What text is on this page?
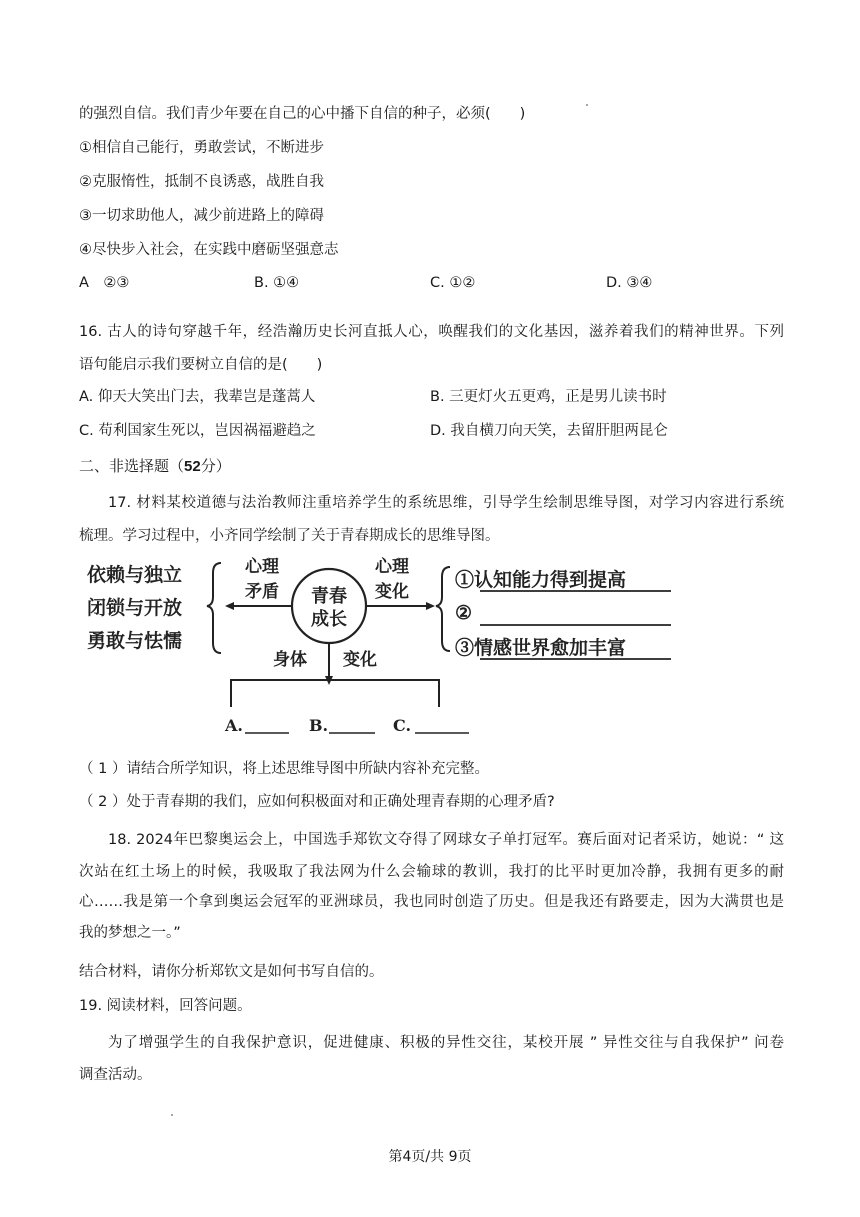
的强烈自信。我们青少年要在自己的心中播下自信的种子，必须(　　)
①相信自己能行，勇敢尝试，不断进步
②克服惰性，抵制不良诱惑，战胜自我
③一切求助他人，减少前进路上的障碍
④尽快步入社会，在实践中磨砺坚强意志
A　②③	B. ①④	C. ①②	D. ③④
16. 古人的诗句穿越千年，经浩瀚历史长河直抵人心，唤醒我们的文化基因，滋养着我们的精神世界。下列
语句能启示我们要树立自信的是(　　)
A. 仰天大笑出门去，我辈岂是蓬蒿人	B. 三更灯火五更鸡，正是男儿读书时
C. 苟利国家生死以，岂因祸福避趋之	D. 我自横刀向天笑，去留肝胆两昆仑
二、非选择题（52分）
17. 材料某校道德与法治教师注重培养学生的系统思维，引导学生绘制思维导图，对学习内容进行系统
梳理。学习过程中，小齐同学绘制了关于青春期成长的思维导图。
依赖与独立
闭锁与开放
勇敢与怯懦
心理
矛盾 青春
成长
心理
变化
①认知能力得到提高
②
③情感世界愈加丰富
身体 变化
A.	B.	C.
（ 1 ）请结合所学知识，将上述思维导图中所缺内容补充完整。
（ 2 ）处于青春期的我们，应如何积极面对和正确处理青春期的心理矛盾?
18. 2024年巴黎奥运会上，中国选手郑钦文夺得了网球女子单打冠军。赛后面对记者采访，她说：“ 这
次站在红土场上的时候，我吸取了我法网为什么会输球的教训，我打的比平时更加冷静，我拥有更多的耐
心……我是第一个拿到奥运会冠军的亚洲球员，我也同时创造了历史。但是我还有路要走，因为大满贯也是
我的梦想之一。”
结合材料，请你分析郑钦文是如何书写自信的。
19. 阅读材料，回答问题。
为了增强学生的自我保护意识，促进健康、积极的异性交往，某校开展 ” 异性交往与自我保护” 问卷
调查活动。
第4页/共 9页
